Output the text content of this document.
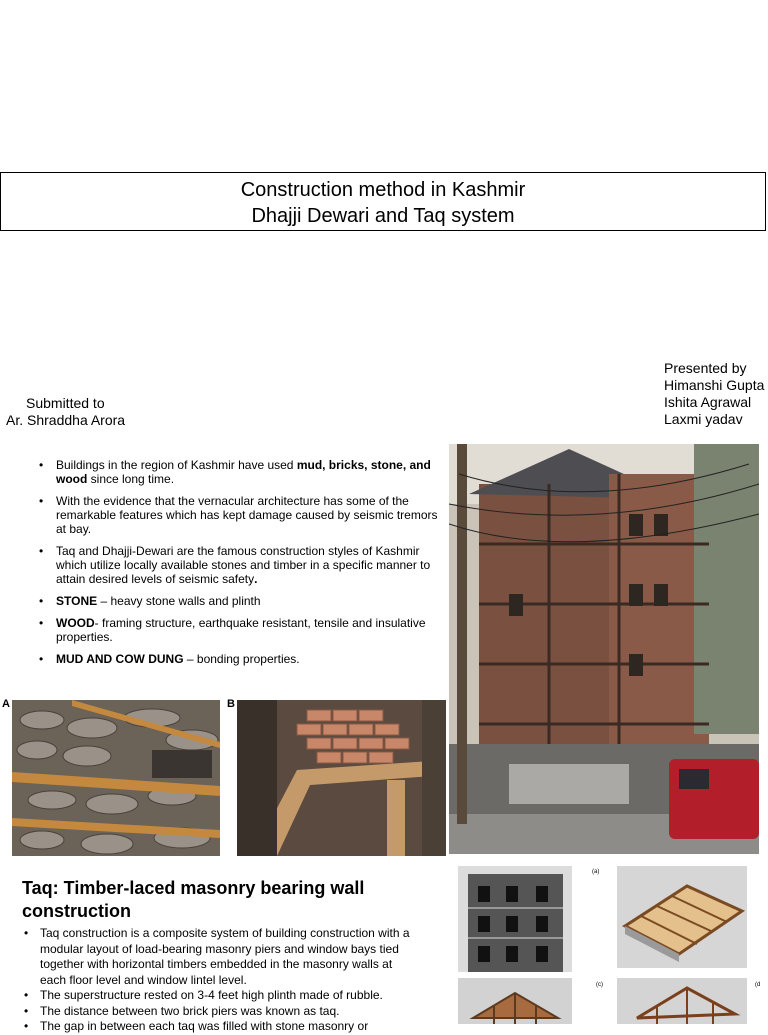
Construction method in Kashmir
Dhajji Dewari and Taq system
Submitted to
Ar. Shraddha Arora
Presented by
Himanshi Gupta
Ishita Agrawal
Laxmi yadav
• Buildings in the region of Kashmir have used mud, bricks, stone, and wood since long time.
• With the evidence that the vernacular architecture has some of the remarkable features which has kept damage caused by seismic tremors at bay.
• Taq and Dhajji-Dewari are the famous construction styles of Kashmir which utilize locally available stones and timber in a specific manner to attain desired levels of seismic safety.
• STONE – heavy stone walls and plinth
• WOOD- framing structure, earthquake resistant, tensile and insulative properties.
• MUD AND COW DUNG – bonding properties.
A	B
(a)
(c)	(d
Taq: Timber-laced masonry bearing wall construction
• Taq construction is a composite system of building construction with a modular layout of load-bearing masonry piers and window bays tied together with horizontal timbers embedded in the masonry walls at each floor level and window lintel level.
• The superstructure rested on 3-4 feet high plinth made of rubble.
• The distance between two brick piers was known as taq.
• The gap in between each taq was filled with stone masonry or
